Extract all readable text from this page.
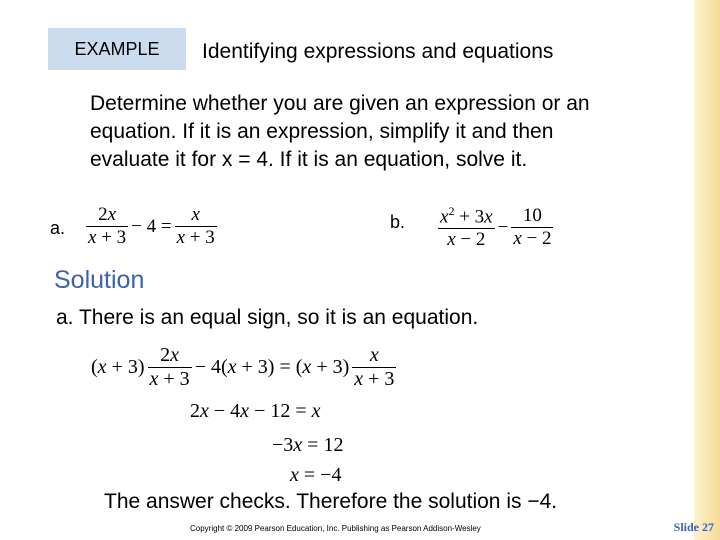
EXAMPLE	Identifying expressions and equations
Determine whether you are given an expression or an equation. If it is an expression, simplify it and then evaluate it for x = 4. If it is an equation, solve it.
a. $\frac{2x}{x + 3} - 4 = \frac{x}{x + 3}$	b. $\frac{x^2 + 3x}{x - 2} - \frac{10}{x - 2}$
Solution
a. There is an equal sign, so it is an equation.
$(x + 3) \frac{2x}{x + 3} - 4(x + 3) = (x + 3) \frac{x}{x + 3}$
2x − 4x − 12 = x
−3x = 12
x = −4
The answer checks. Therefore the solution is −4.
Copyright © 2009 Pearson Education, Inc. Publishing as Pearson Addison-Wesley	Slide 27
